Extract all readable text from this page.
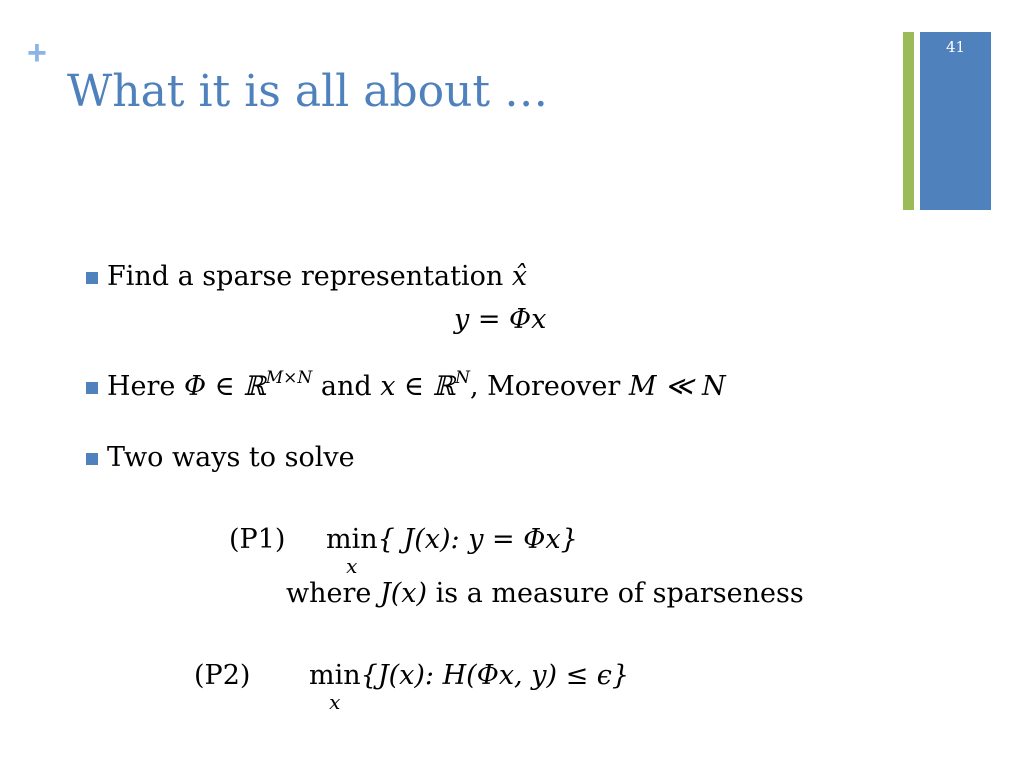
+
What it is all about …
41
Find a sparse representation x̂
y = Φx
Here Φ ∈ ℝ$^{M\times N}$ and x ∈ ℝ$^N$, Moreover M ≪ N
Two ways to solve
(P1) min
x
{ J(x): y = Φx}
where J(x) is a measure of sparseness
(P2) min
x
{J(x): H(Φx, y) ≤ ϵ}
